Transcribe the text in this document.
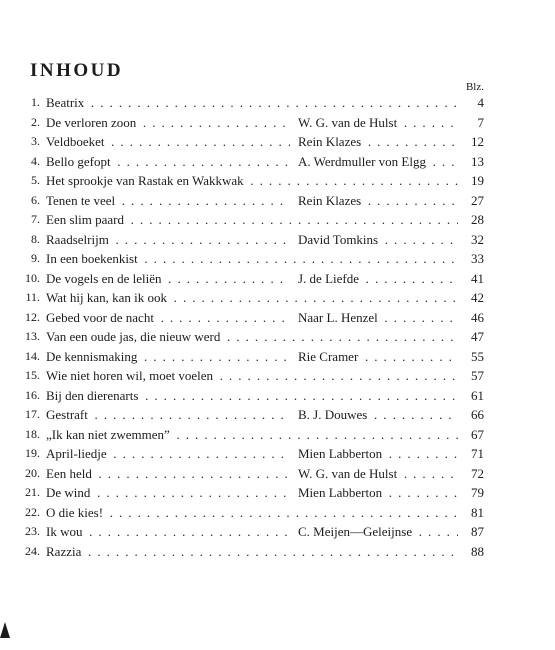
INHOUD
Blz.
1. Beatrix . . .	4
2. De verloren zoon . . .	W. G. van de Hulst . . .	7
3. Veldboeket . . .	Rein Klazes . . .	12
4. Bello gefopt . . .	A. Werdmuller von Elgg . . .	13
5. Het sprookje van Rastak en Wakkwak . . .	19
6. Tenen te veel . . .	Rein Klazes . . .	27
7. Een slim paard . . .	28
8. Raadselrijm . . .	David Tomkins . . .	32
9. In een boekenkist . . .	33
10. De vogels en de leliën . . .	J. de Liefde . . .	41
11. Wat hij kan, kan ik ook . . .	42
12. Gebed voor de nacht . . .	Naar L. Henzel . . .	46
13. Van een oude jas, die nieuw werd . . .	47
14. De kennismaking . . .	Rie Cramer . . .	55
15. Wie niet horen wil, moet voelen . . .	57
16. Bij den dierenarts . . .	61
17. Gestraft . . .	B. J. Douwes . . .	66
18. „Ik kan niet zwemmen” . . .	67
19. April-liedje . . .	Mien Labberton . . .	71
20. Een held . . .	W. G. van de Hulst . . .	72
21. De wind . . .	Mien Labberton . . .	79
22. O die kies! . . .	81
23. Ik wou . . .	C. Meijen—Geleijnse . . .	87
24. Razzia . . .	88
